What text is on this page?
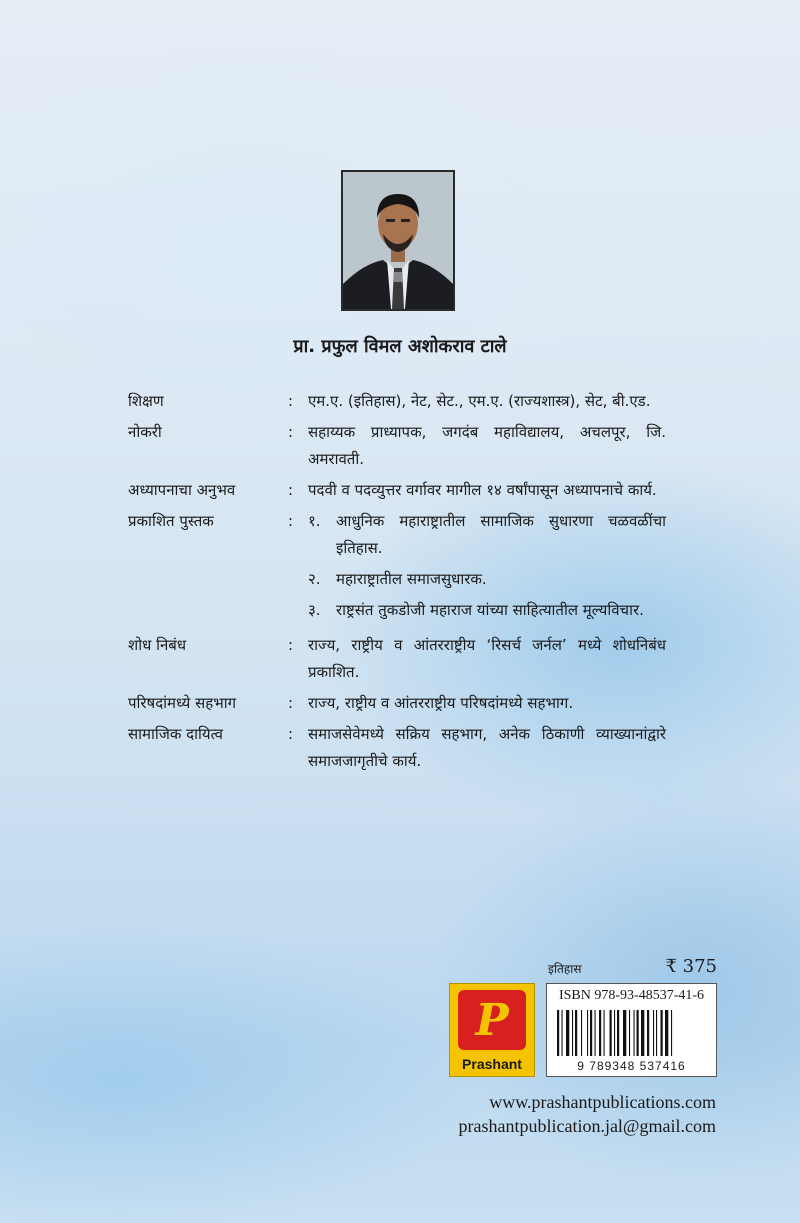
प्रा. प्रफुल विमल अशोकराव टाले
शिक्षण	: एम.ए. (इतिहास), नेट, सेट., एम.ए. (राज्यशास्त्र), सेट, बी.एड.
नोकरी	: सहाय्यक प्राध्यापक, जगदंब महाविद्यालय, अचलपूर, जि. अमरावती.
अध्यापनाचा अनुभव	: पदवी व पदव्युत्तर वर्गावर मागील १४ वर्षांपासून अध्यापनाचे कार्य.
प्रकाशित पुस्तक	: १.	आधुनिक महाराष्ट्रातील सामाजिक सुधारणा चळवळींचा इतिहास.
२.	महाराष्ट्रातील समाजसुधारक.
३.	राष्ट्रसंत तुकडोजी महाराज यांच्या साहित्यातील मूल्यविचार.
शोध निबंध	: राज्य, राष्ट्रीय व आंतरराष्ट्रीय ‘रिसर्च जर्नल’ मध्ये शोधनिबंध प्रकाशित.
परिषदांमध्ये सहभाग	: राज्य, राष्ट्रीय व आंतरराष्ट्रीय परिषदांमध्ये सहभाग.
सामाजिक दायित्व	: समाजसेवेमध्ये सक्रिय सहभाग, अनेक ठिकाणी व्याख्यानांद्वारे समाजजागृतीचे कार्य.
इतिहास	₹ 375
P
Prashant
ISBN 978-93-48537-41-6
9 789348 537416
www.prashantpublications.com
prashantpublication.jal@gmail.com
